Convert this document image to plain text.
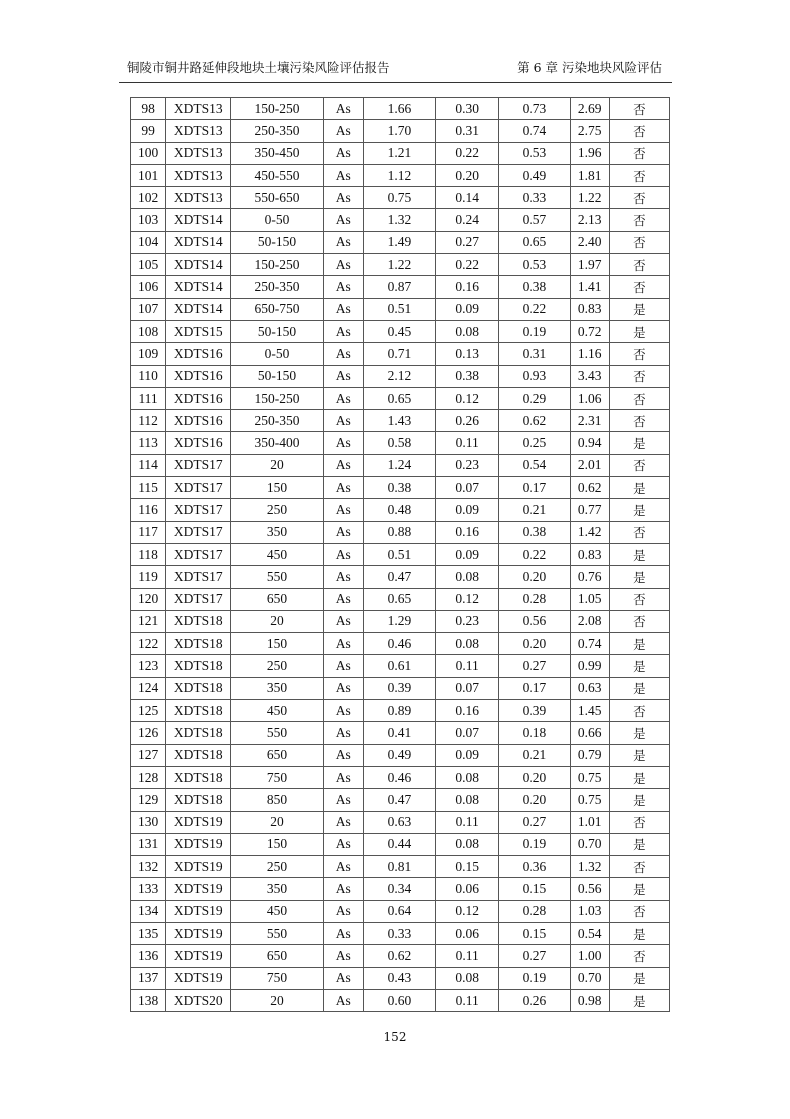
铜陵市铜井路延伸段地块土壤污染风险评估报告	第 6 章 污染地块风险评估
98	XDTS13	150-250	As	1.66	0.30	0.73	2.69	否
99	XDTS13	250-350	As	1.70	0.31	0.74	2.75	否
100	XDTS13	350-450	As	1.21	0.22	0.53	1.96	否
101	XDTS13	450-550	As	1.12	0.20	0.49	1.81	否
102	XDTS13	550-650	As	0.75	0.14	0.33	1.22	否
103	XDTS14	0-50	As	1.32	0.24	0.57	2.13	否
104	XDTS14	50-150	As	1.49	0.27	0.65	2.40	否
105	XDTS14	150-250	As	1.22	0.22	0.53	1.97	否
106	XDTS14	250-350	As	0.87	0.16	0.38	1.41	否
107	XDTS14	650-750	As	0.51	0.09	0.22	0.83	是
108	XDTS15	50-150	As	0.45	0.08	0.19	0.72	是
109	XDTS16	0-50	As	0.71	0.13	0.31	1.16	否
110	XDTS16	50-150	As	2.12	0.38	0.93	3.43	否
111	XDTS16	150-250	As	0.65	0.12	0.29	1.06	否
112	XDTS16	250-350	As	1.43	0.26	0.62	2.31	否
113	XDTS16	350-400	As	0.58	0.11	0.25	0.94	是
114	XDTS17	20	As	1.24	0.23	0.54	2.01	否
115	XDTS17	150	As	0.38	0.07	0.17	0.62	是
116	XDTS17	250	As	0.48	0.09	0.21	0.77	是
117	XDTS17	350	As	0.88	0.16	0.38	1.42	否
118	XDTS17	450	As	0.51	0.09	0.22	0.83	是
119	XDTS17	550	As	0.47	0.08	0.20	0.76	是
120	XDTS17	650	As	0.65	0.12	0.28	1.05	否
121	XDTS18	20	As	1.29	0.23	0.56	2.08	否
122	XDTS18	150	As	0.46	0.08	0.20	0.74	是
123	XDTS18	250	As	0.61	0.11	0.27	0.99	是
124	XDTS18	350	As	0.39	0.07	0.17	0.63	是
125	XDTS18	450	As	0.89	0.16	0.39	1.45	否
126	XDTS18	550	As	0.41	0.07	0.18	0.66	是
127	XDTS18	650	As	0.49	0.09	0.21	0.79	是
128	XDTS18	750	As	0.46	0.08	0.20	0.75	是
129	XDTS18	850	As	0.47	0.08	0.20	0.75	是
130	XDTS19	20	As	0.63	0.11	0.27	1.01	否
131	XDTS19	150	As	0.44	0.08	0.19	0.70	是
132	XDTS19	250	As	0.81	0.15	0.36	1.32	否
133	XDTS19	350	As	0.34	0.06	0.15	0.56	是
134	XDTS19	450	As	0.64	0.12	0.28	1.03	否
135	XDTS19	550	As	0.33	0.06	0.15	0.54	是
136	XDTS19	650	As	0.62	0.11	0.27	1.00	否
137	XDTS19	750	As	0.43	0.08	0.19	0.70	是
138	XDTS20	20	As	0.60	0.11	0.26	0.98	是
152
